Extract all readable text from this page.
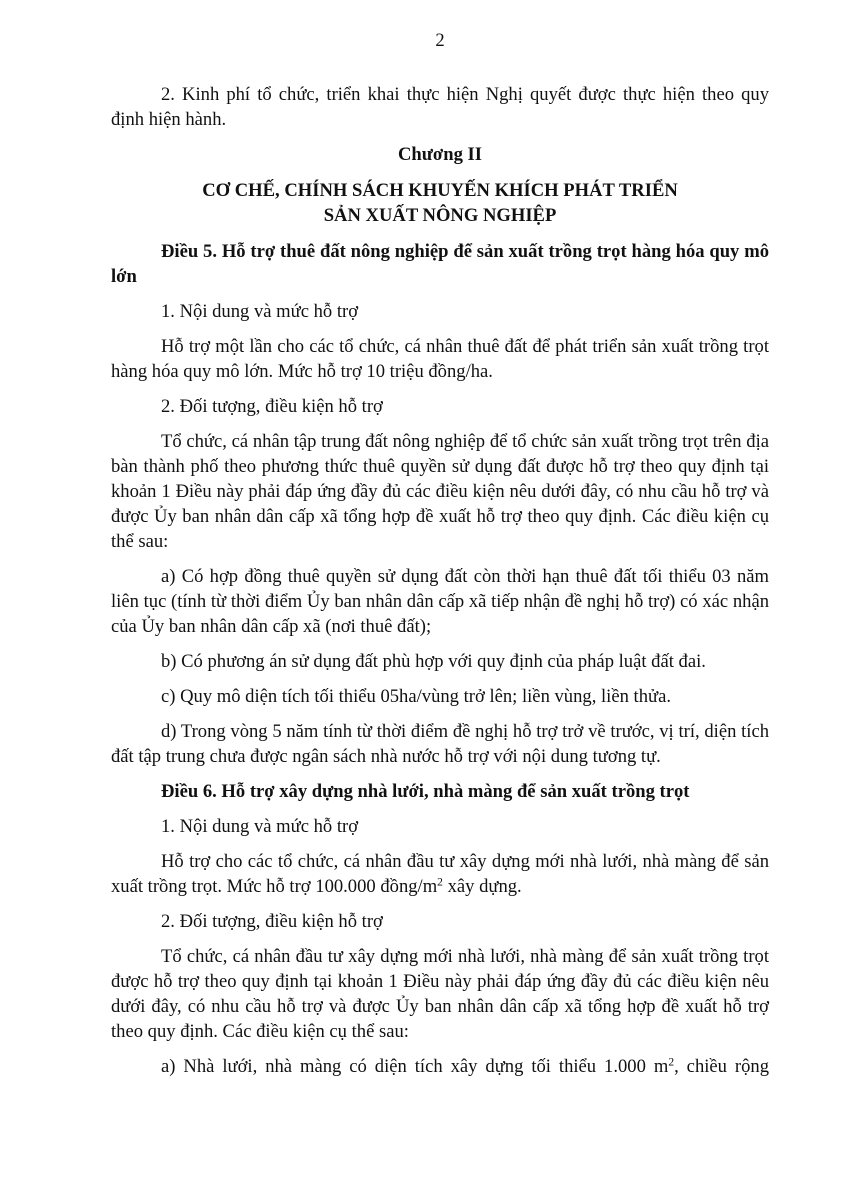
2

2. Kinh phí tổ chức, triển khai thực hiện Nghị quyết được thực hiện theo quy định hiện hành.

Chương II

CƠ CHẾ, CHÍNH SÁCH KHUYẾN KHÍCH PHÁT TRIỂN
SẢN XUẤT NÔNG NGHIỆP

Điều 5. Hỗ trợ thuê đất nông nghiệp để sản xuất trồng trọt hàng hóa quy mô lớn

1. Nội dung và mức hỗ trợ

Hỗ trợ một lần cho các tổ chức, cá nhân thuê đất để phát triển sản xuất trồng trọt hàng hóa quy mô lớn. Mức hỗ trợ 10 triệu đồng/ha.

2. Đối tượng, điều kiện hỗ trợ

Tổ chức, cá nhân tập trung đất nông nghiệp để tổ chức sản xuất trồng trọt trên địa bàn thành phố theo phương thức thuê quyền sử dụng đất được hỗ trợ theo quy định tại khoản 1 Điều này phải đáp ứng đầy đủ các điều kiện nêu dưới đây, có nhu cầu hỗ trợ và được Ủy ban nhân dân cấp xã tổng hợp đề xuất hỗ trợ theo quy định. Các điều kiện cụ thể sau:

a) Có hợp đồng thuê quyền sử dụng đất còn thời hạn thuê đất tối thiểu 03 năm liên tục (tính từ thời điểm Ủy ban nhân dân cấp xã tiếp nhận đề nghị hỗ trợ) có xác nhận của Ủy ban nhân dân cấp xã (nơi thuê đất);

b) Có phương án sử dụng đất phù hợp với quy định của pháp luật đất đai.

c) Quy mô diện tích tối thiểu 05ha/vùng trở lên; liền vùng, liền thửa.

d) Trong vòng 5 năm tính từ thời điểm đề nghị hỗ trợ trở về trước, vị trí, diện tích đất tập trung chưa được ngân sách nhà nước hỗ trợ với nội dung tương tự.

Điều 6. Hỗ trợ xây dựng nhà lưới, nhà màng để sản xuất trồng trọt

1. Nội dung và mức hỗ trợ

Hỗ trợ cho các tổ chức, cá nhân đầu tư xây dựng mới nhà lưới, nhà màng để sản xuất trồng trọt. Mức hỗ trợ 100.000 đồng/$m^2$ xây dựng.

2. Đối tượng, điều kiện hỗ trợ

Tổ chức, cá nhân đầu tư xây dựng mới nhà lưới, nhà màng để sản xuất trồng trọt được hỗ trợ theo quy định tại khoản 1 Điều này phải đáp ứng đầy đủ các điều kiện nêu dưới đây, có nhu cầu hỗ trợ và được Ủy ban nhân dân cấp xã tổng hợp đề xuất hỗ trợ theo quy định. Các điều kiện cụ thể sau:

a) Nhà lưới, nhà màng có diện tích xây dựng tối thiểu 1.000 $m^2$, chiều rộng
